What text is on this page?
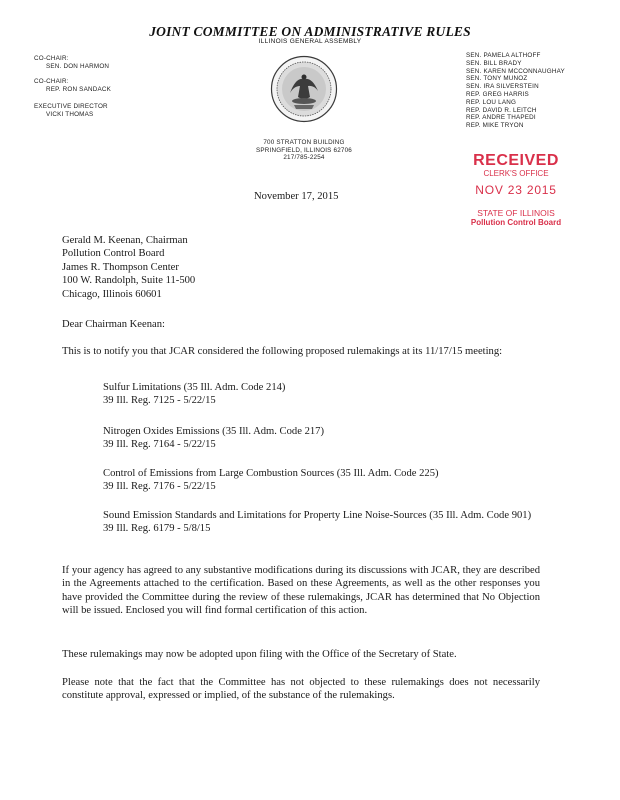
JOINT COMMITTEE ON ADMINISTRATIVE RULES
ILLINOIS GENERAL ASSEMBLY
CO-CHAIR:
SEN. DON HARMON
CO-CHAIR:
REP. RON SANDACK
EXECUTIVE DIRECTOR
VICKI THOMAS
SEN. PAMELA ALTHOFF
SEN. BILL BRADY
SEN. KAREN MCCONNAUGHAY
SEN. TONY MUNOZ
SEN. IRA SILVERSTEIN
REP. GREG HARRIS
REP. LOU LANG
REP. DAVID R. LEITCH
REP. ANDRE THAPEDI
REP. MIKE TRYON
700 STRATTON BUILDING
SPRINGFIELD, ILLINOIS 62706
217/785-2254	RECEIVED
CLERK'S OFFICE
NOV 23 2015
STATE OF ILLINOIS
Pollution Control Board
November 17, 2015
Gerald M. Keenan, Chairman
Pollution Control Board
James R. Thompson Center
100 W. Randolph, Suite 11-500
Chicago, Illinois 60601
Dear Chairman Keenan:
This is to notify you that JCAR considered the following proposed rulemakings at its 11/17/15 meeting:
Sulfur Limitations (35 Ill. Adm. Code 214)
39 Ill. Reg. 7125 - 5/22/15
Nitrogen Oxides Emissions (35 Ill. Adm. Code 217)
39 Ill. Reg. 7164 - 5/22/15
Control of Emissions from Large Combustion Sources (35 Ill. Adm. Code 225)
39 Ill. Reg. 7176 - 5/22/15
Sound Emission Standards and Limitations for Property Line Noise-Sources (35 Ill. Adm. Code 901)
39 Ill. Reg. 6179 - 5/8/15
If your agency has agreed to any substantive modifications during its discussions with JCAR, they are described in the Agreements attached to the certification. Based on these Agreements, as well as the other responses you have provided the Committee during the review of these rulemakings, JCAR has determined that No Objection will be issued. Enclosed you will find formal certification of this action.
These rulemakings may now be adopted upon filing with the Office of the Secretary of State.
Please note that the fact that the Committee has not objected to these rulemakings does not necessarily constitute approval, expressed or implied, of the substance of the rulemakings.
